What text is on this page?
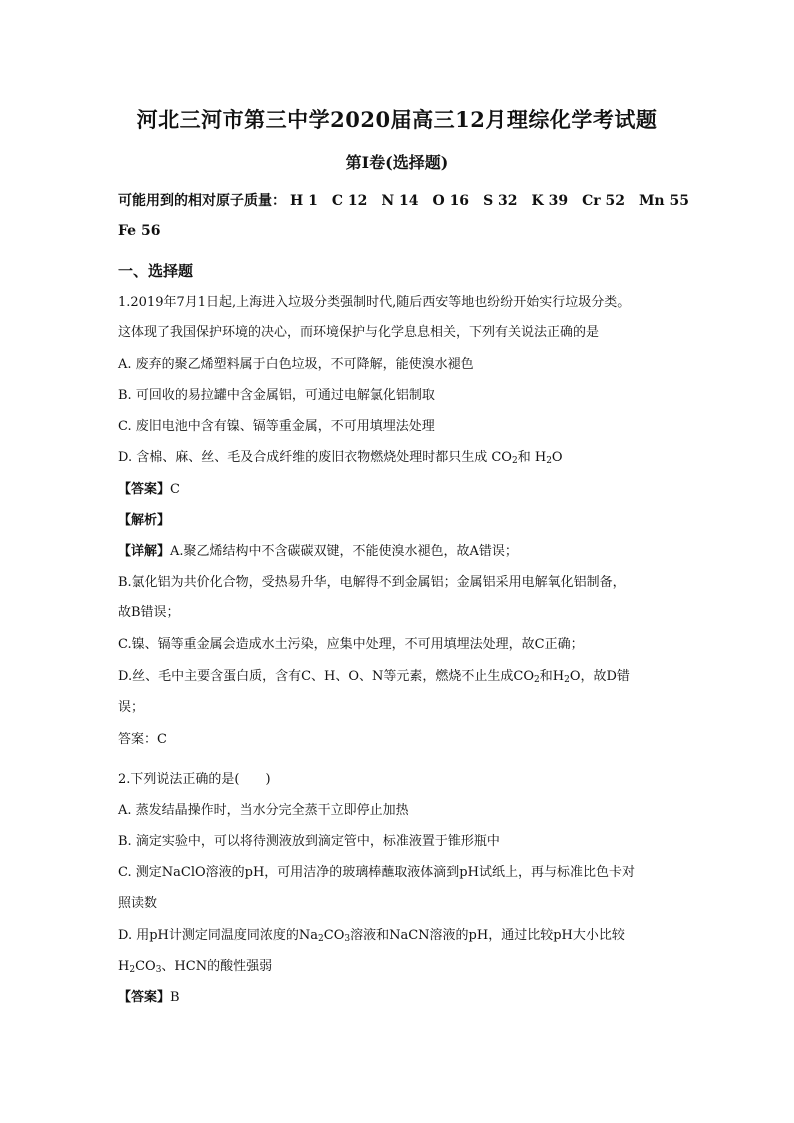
河北三河市第三中学2020届高三12月理综化学考试题
第I卷(选择题)
可能用到的相对原子质量： H 1 C 12 N 14 O 16 S 32 K 39 Cr 52 Mn 55
Fe 56
一、选择题
1.2019年7月1日起,上海进入垃圾分类强制时代,随后西安等地也纷纷开始实行垃圾分类。
这体现了我国保护环境的决心，而环境保护与化学息息相关，下列有关说法正确的是
A. 废弃的聚乙烯塑料属于白色垃圾，不可降解，能使溴水褪色
B. 可回收的易拉罐中含金属铝，可通过电解氯化铝制取
C. 废旧电池中含有镍、镉等重金属，不可用填埋法处理
D. 含棉、麻、丝、毛及合成纤维的废旧衣物燃烧处理时都只生成 $CO_2$和 $H_2O$
【答案】C
【解析】
【详解】A.聚乙烯结构中不含碳碳双键，不能使溴水褪色，故A错误；
B.氯化铝为共价化合物，受热易升华，电解得不到金属铝；金属铝采用电解氧化铝制备，
故B错误；
C.镍、镉等重金属会造成水土污染，应集中处理，不可用填埋法处理，故C正确；
D.丝、毛中主要含蛋白质，含有C、H、O、N等元素，燃烧不止生成$CO_2$和$H_2O$，故D错
误；
答案：C
2.下列说法正确的是(　　)
A. 蒸发结晶操作时，当水分完全蒸干立即停止加热
B. 滴定实验中，可以将待测液放到滴定管中，标准液置于锥形瓶中
C. 测定NaClO溶液的pH，可用洁净的玻璃棒蘸取液体滴到pH试纸上，再与标准比色卡对
照读数
D. 用pH计测定同温度同浓度的$Na_2CO_3$溶液和NaCN溶液的pH，通过比较pH大小比较
$H_2CO_3$、HCN的酸性强弱
【答案】B
